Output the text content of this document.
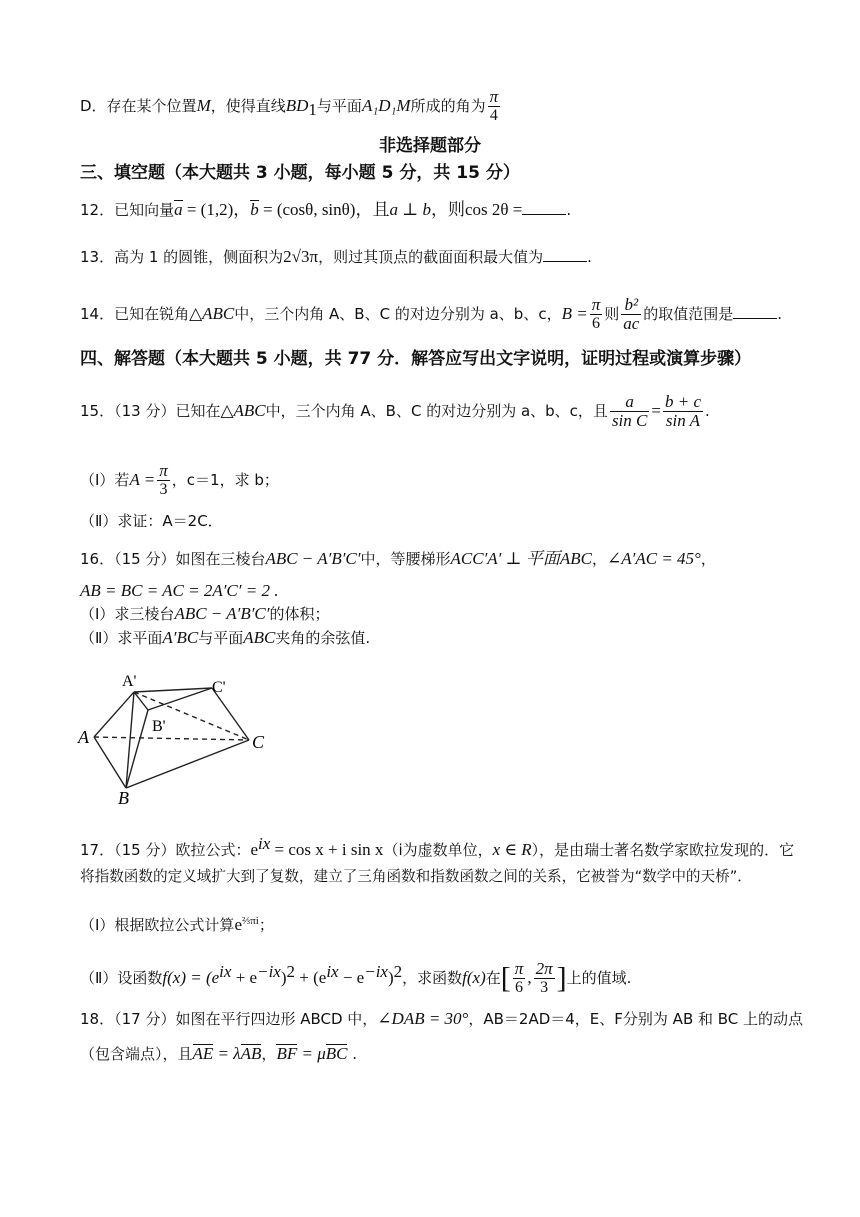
D．存在某个位置M，使得直线$BD_1$与平面A₁D₁M所成的角为 $\frac{\pi}{4}$
非选择题部分
三、填空题（本大题共 3 小题，每小题 5 分，共 15 分）
12．已知向量a = (1,2)，b = (cosθ, sinθ)，且a ⊥ b，则cos 2θ =	.
13．高为 1 的圆锥，侧面积为2√3π，则过其顶点的截面面积最大值为	.
14．已知在锐角△ABC中，三个内角 A、B、C 的对边分别为 a、b、c，$B = \frac{\pi}{6}$ 则 $\frac{\text{b²}}{ac}$ 的取值范围是	.
四、解答题（本大题共 5 小题，共 77 分．解答应写出文字说明，证明过程或演算步骤）
15．（13 分）已知在△ABC中，三个内角 A、B、C 的对边分别为 a、b、c，且 $\frac{a}{\text{sin C}} = \frac{b + c}{\text{sin A}}$ .
（Ⅰ）若$A = \frac{\pi}{3}$ ，c＝1，求 b；
（Ⅱ）求证：A＝2C．
16．（15 分）如图在三棱台ABC − A′B′C′中，等腰梯形ACC′A′ ⊥ 平面ABC，∠A′AC = 45°，
AB = BC = AC = 2A′C′ = 2 .
（Ⅰ）求三棱台ABC − A′B′C′的体积；
（Ⅱ）求平面A′BC与平面ABC夹角的余弦值.
A
B
C
A'	C'
B'
17．（15 分）欧拉公式：$e^{ix} = \cos x + i$ sin x（i为虚数单位，x ∈ R），是由瑞士著名数学家欧拉发现的．它
将指数函数的定义域扩大到了复数，建立了三角函数和指数函数之间的关系，它被誉为“数学中的天桥”．
（Ⅰ）根据欧拉公式计算$e^{\frac{2}{3}\pi i}$；
（Ⅱ）设函数$f(x) = (e^{ix} + e^{-ix})^2 + (e^{ix} - e^{-ix})^2$，求函数f(x)在[ $\frac{\pi}{6}$ , $\frac{2\pi}{3}$ ]上的值域.
18．（17 分）如图在平行四边形 ABCD 中，∠DAB = 30°，AB＝2AD＝4，E、F分别为 AB 和 BC 上的动点
（包含端点），且AE = λAB，BF = μBC .
